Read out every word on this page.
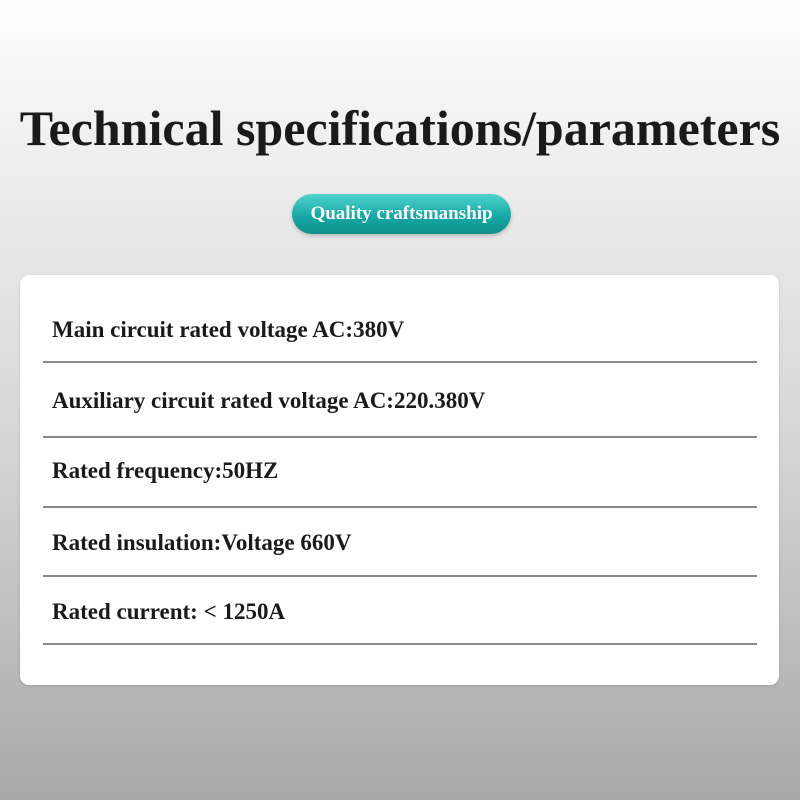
Technical specifications/parameters
Quality craftsmanship
Main circuit rated voltage AC:380V
Auxiliary circuit rated voltage AC:220.380V
Rated frequency:50HZ
Rated insulation:Voltage 660V
Rated current: < 1250A
